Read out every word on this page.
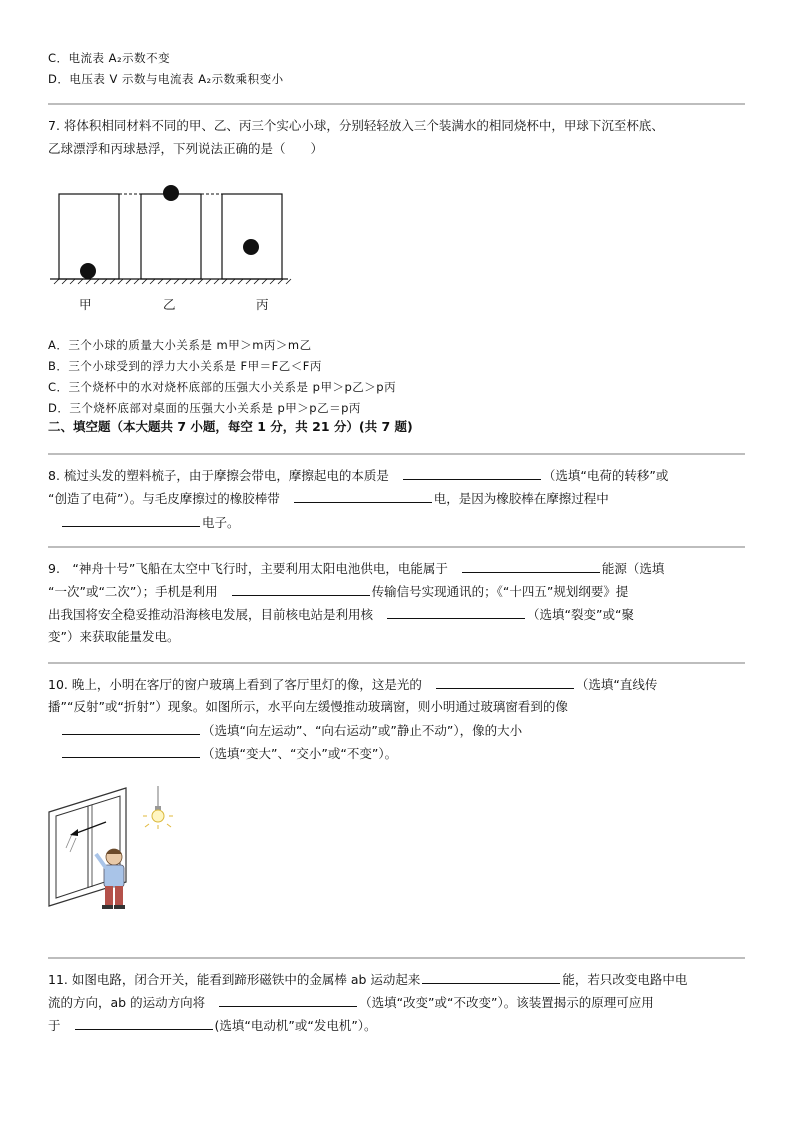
C．电流表 A₂示数不变
D．电压表 V 示数与电流表 A₂示数乘积变小
7. 将体积相同材料不同的甲、乙、丙三个实心小球，分别轻轻放入三个装满水的相同烧杯中，甲球下沉至杯底、
乙球漂浮和丙球悬浮，下列说法正确的是（　　）
甲	乙	丙
A．三个小球的质量大小关系是 m甲＞m丙＞m乙
B．三个小球受到的浮力大小关系是 F甲＝F乙＜F丙
C．三个烧杯中的水对烧杯底部的压强大小关系是 p甲＞p乙＞p丙
D．三个烧杯底部对桌面的压强大小关系是 p甲＞p乙＝p丙
二、填空题（本大题共 7 小题，每空 1 分，共 21 分）(共 7 题)
8. 梳过头发的塑料梳子，由于摩擦会带电，摩擦起电的本质是	（选填“电荷的转移”或
“创造了电荷”）。与毛皮摩擦过的橡胶棒带	电，是因为橡胶棒在摩擦过程中
电子。
9.　“神舟十号”飞船在太空中飞行时，主要利用太阳电池供电，电能属于	能源（选填
“一次”或“二次”）；手机是利用	传输信号实现通讯的；《“十四五”规划纲要》提
出我国将安全稳妥推动沿海核电发展，目前核电站是利用核	（选填“裂变”或“聚
变”）来获取能量发电。
10. 晚上，小明在客厅的窗户玻璃上看到了客厅里灯的像，这是光的	（选填“直线传
播”“反射”或“折射”）现象。如图所示，水平向左缓慢推动玻璃窗，则小明通过玻璃窗看到的像
（选填“向左运动”、“向右运动”或”静止不动”），像的大小
（选填“变大”、“交小”或“不变”）。
11. 如图电路，闭合开关，能看到蹄形磁铁中的金属棒 ab 运动起来	能，若只改变电路中电
流的方向，ab 的运动方向将	（选填“改变”或“不改变”）。该装置揭示的原理可应用
于	(选填“电动机”或“发电机”）。
